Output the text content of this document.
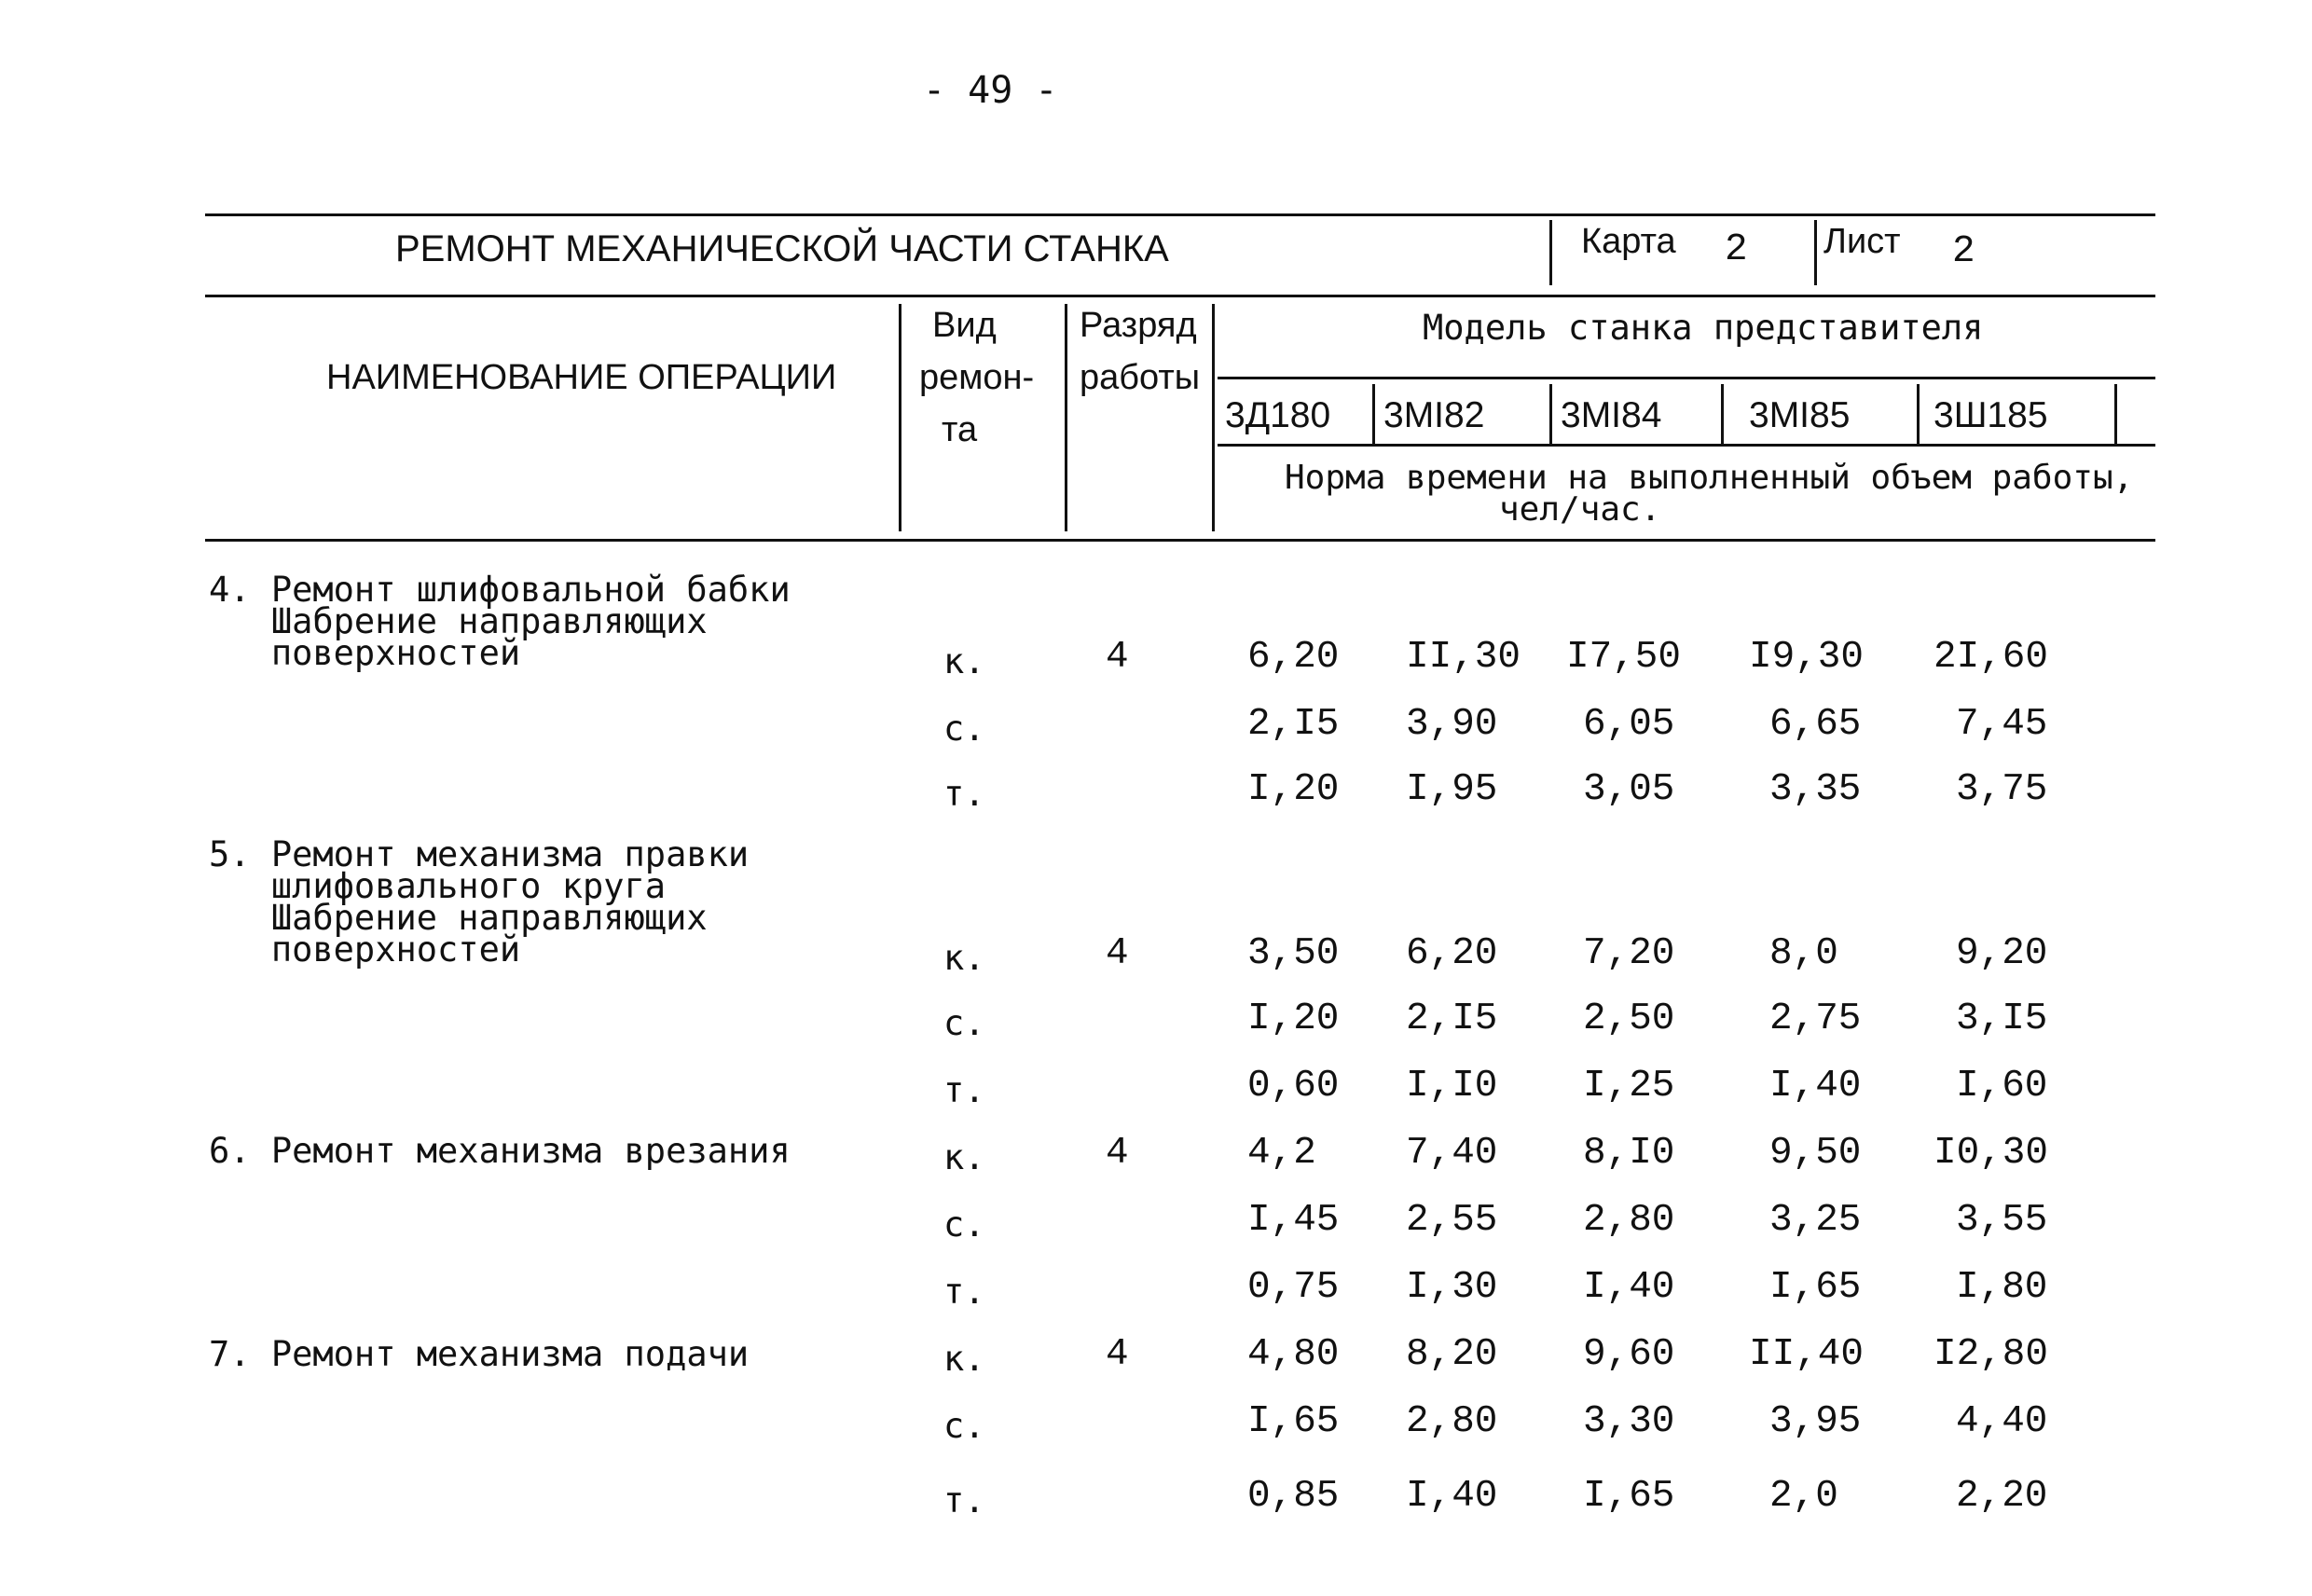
- 49 -
РЕМОНТ МЕХАНИЧЕСКОЙ ЧАСТИ СТАНКА	Карта 2 Лист 2
НАИМЕНОВАНИЕ ОПЕРАЦИИ
Вид
ремон-
та
Разряд
работы
Модель станка представителя
3Д180 3МI82 3МI84 3МI85 3Ш185
Норма времени на выполненный объем работы,
чел/час.
4. Ремонт шлифовальной бабки
Шабрение направляющих
поверхностей	к.	4	6,20 II,30 I7,50 I9,30 2I,60
с.	2,I5 3,90 6,05 6,65 7,45
т.	I,20 I,95 3,05 3,35 3,75
5. Ремонт механизма правки
шлифовального круга
Шабрение направляющих
поверхностей	к.	4	3,50 6,20 7,20 8,0	9,20
с.	I,20 2,I5 2,50 2,75 3,I5
т.	0,60 I,I0 I,25 I,40 I,60
6. Ремонт механизма врезания	к.	4	4,2 7,40 8,I0 9,50 I0,30
с.	I,45 2,55 2,80 3,25 3,55
т.	0,75 I,30 I,40 I,65 I,80
7. Ремонт механизма подачи	к.	4	4,80 8,20 9,60 II,40 I2,80
с.	I,65 2,80 3,30 3,95 4,40
т.	0,85 I,40 I,65 2,0	2,20
